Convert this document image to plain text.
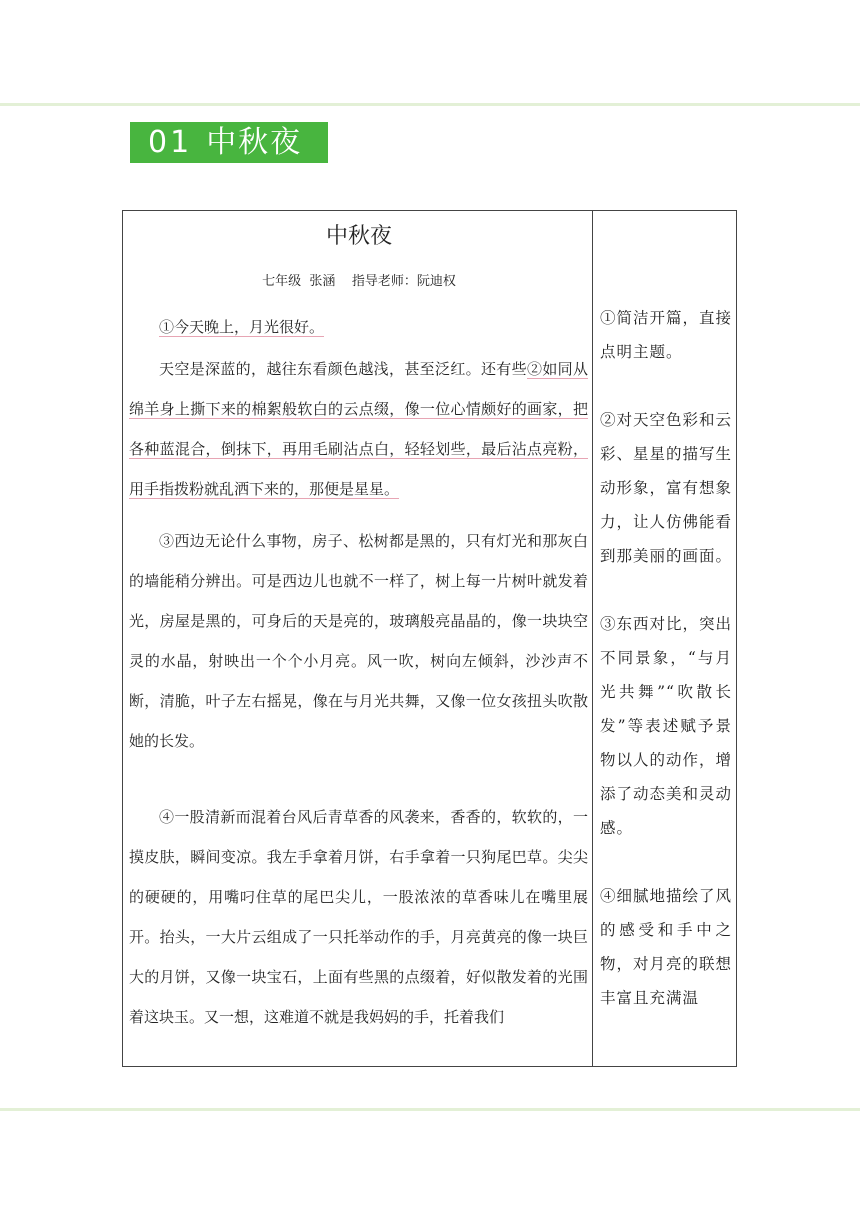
01 中秋夜
中秋夜
七年级  张涵    指导老师：阮迪权
①今天晚上，月光很好。
天空是深蓝的，越往东看颜色越浅，甚至泛红。还有些②如同从绵羊身上撕下来的棉絮般软白的云点缀，像一位心情颇好的画家，把各种蓝混合，倒抹下，再用毛刷沾点白，轻轻划些，最后沾点亮粉，用手指拨粉就乱洒下来的，那便是星星。
③西边无论什么事物，房子、松树都是黑的，只有灯光和那灰白的墙能稍分辨出。可是西边儿也就不一样了，树上每一片树叶就发着光，房屋是黑的，可身后的天是亮的，玻璃般亮晶晶的，像一块块空灵的水晶，射映出一个个小月亮。风一吹，树向左倾斜，沙沙声不断，清脆，叶子左右摇晃，像在与月光共舞，又像一位女孩扭头吹散她的长发。
④一股清新而混着台风后青草香的风袭来，香香的，软软的，一摸皮肤，瞬间变凉。我左手拿着月饼，右手拿着一只狗尾巴草。尖尖的硬硬的，用嘴叼住草的尾巴尖儿，一股浓浓的草香味儿在嘴里展开。抬头，一大片云组成了一只托举动作的手，月亮黄亮的像一块巨大的月饼，又像一块宝石，上面有些黑的点缀着，好似散发着的光围着这块玉。又一想，这难道不就是我妈妈的手，托着我们
①简洁开篇，直接点明主题。
②对天空色彩和云彩、星星的描写生动形象，富有想象力，让人仿佛能看到那美丽的画面。
③东西对比，突出不同景象，“与月光共舞”“吹散长发”等表述赋予景物以人的动作，增添了动态美和灵动感。
④细腻地描绘了风的感受和手中之物，对月亮的联想丰富且充满温
